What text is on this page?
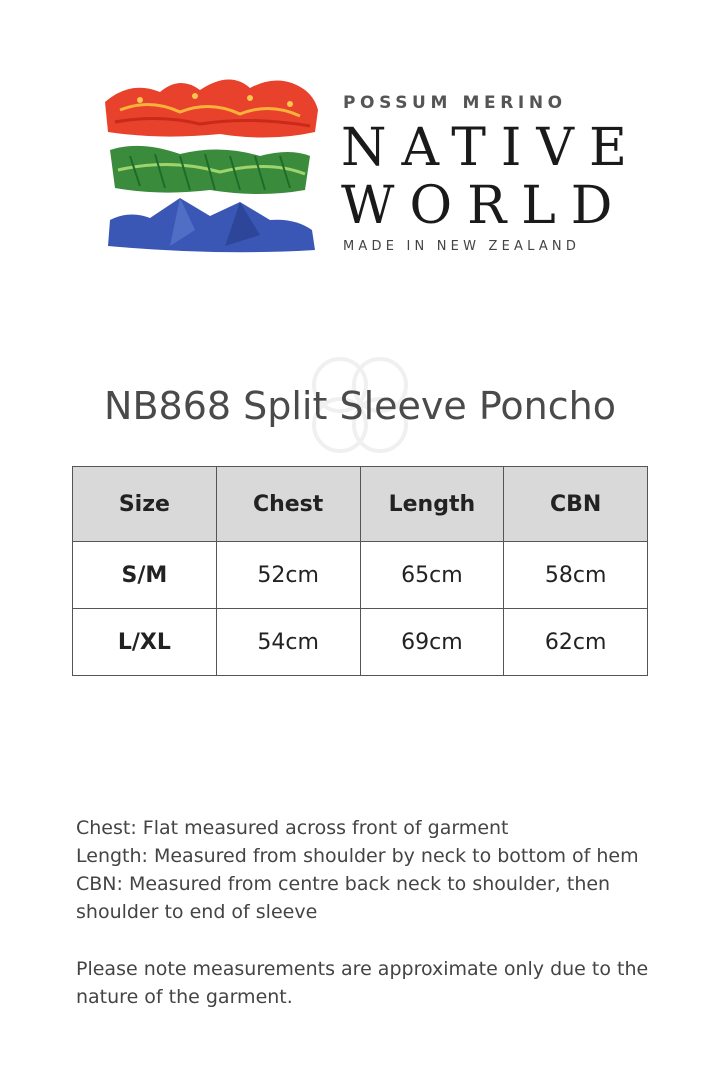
POSSUM MERINO
NATIVE
WORLD
MADE IN NEW ZEALAND
NB868 Split Sleeve Poncho
Size	Chest	Length	CBN
S/M	52cm	65cm	58cm
L/XL	54cm	69cm	62cm

Chest: Flat measured across front of garment

Length: Measured from shoulder by neck to bottom of hem

CBN: Measured from centre back neck to shoulder, then shoulder to end of sleeve

Please note measurements are approximate only due to the nature of the garment.
